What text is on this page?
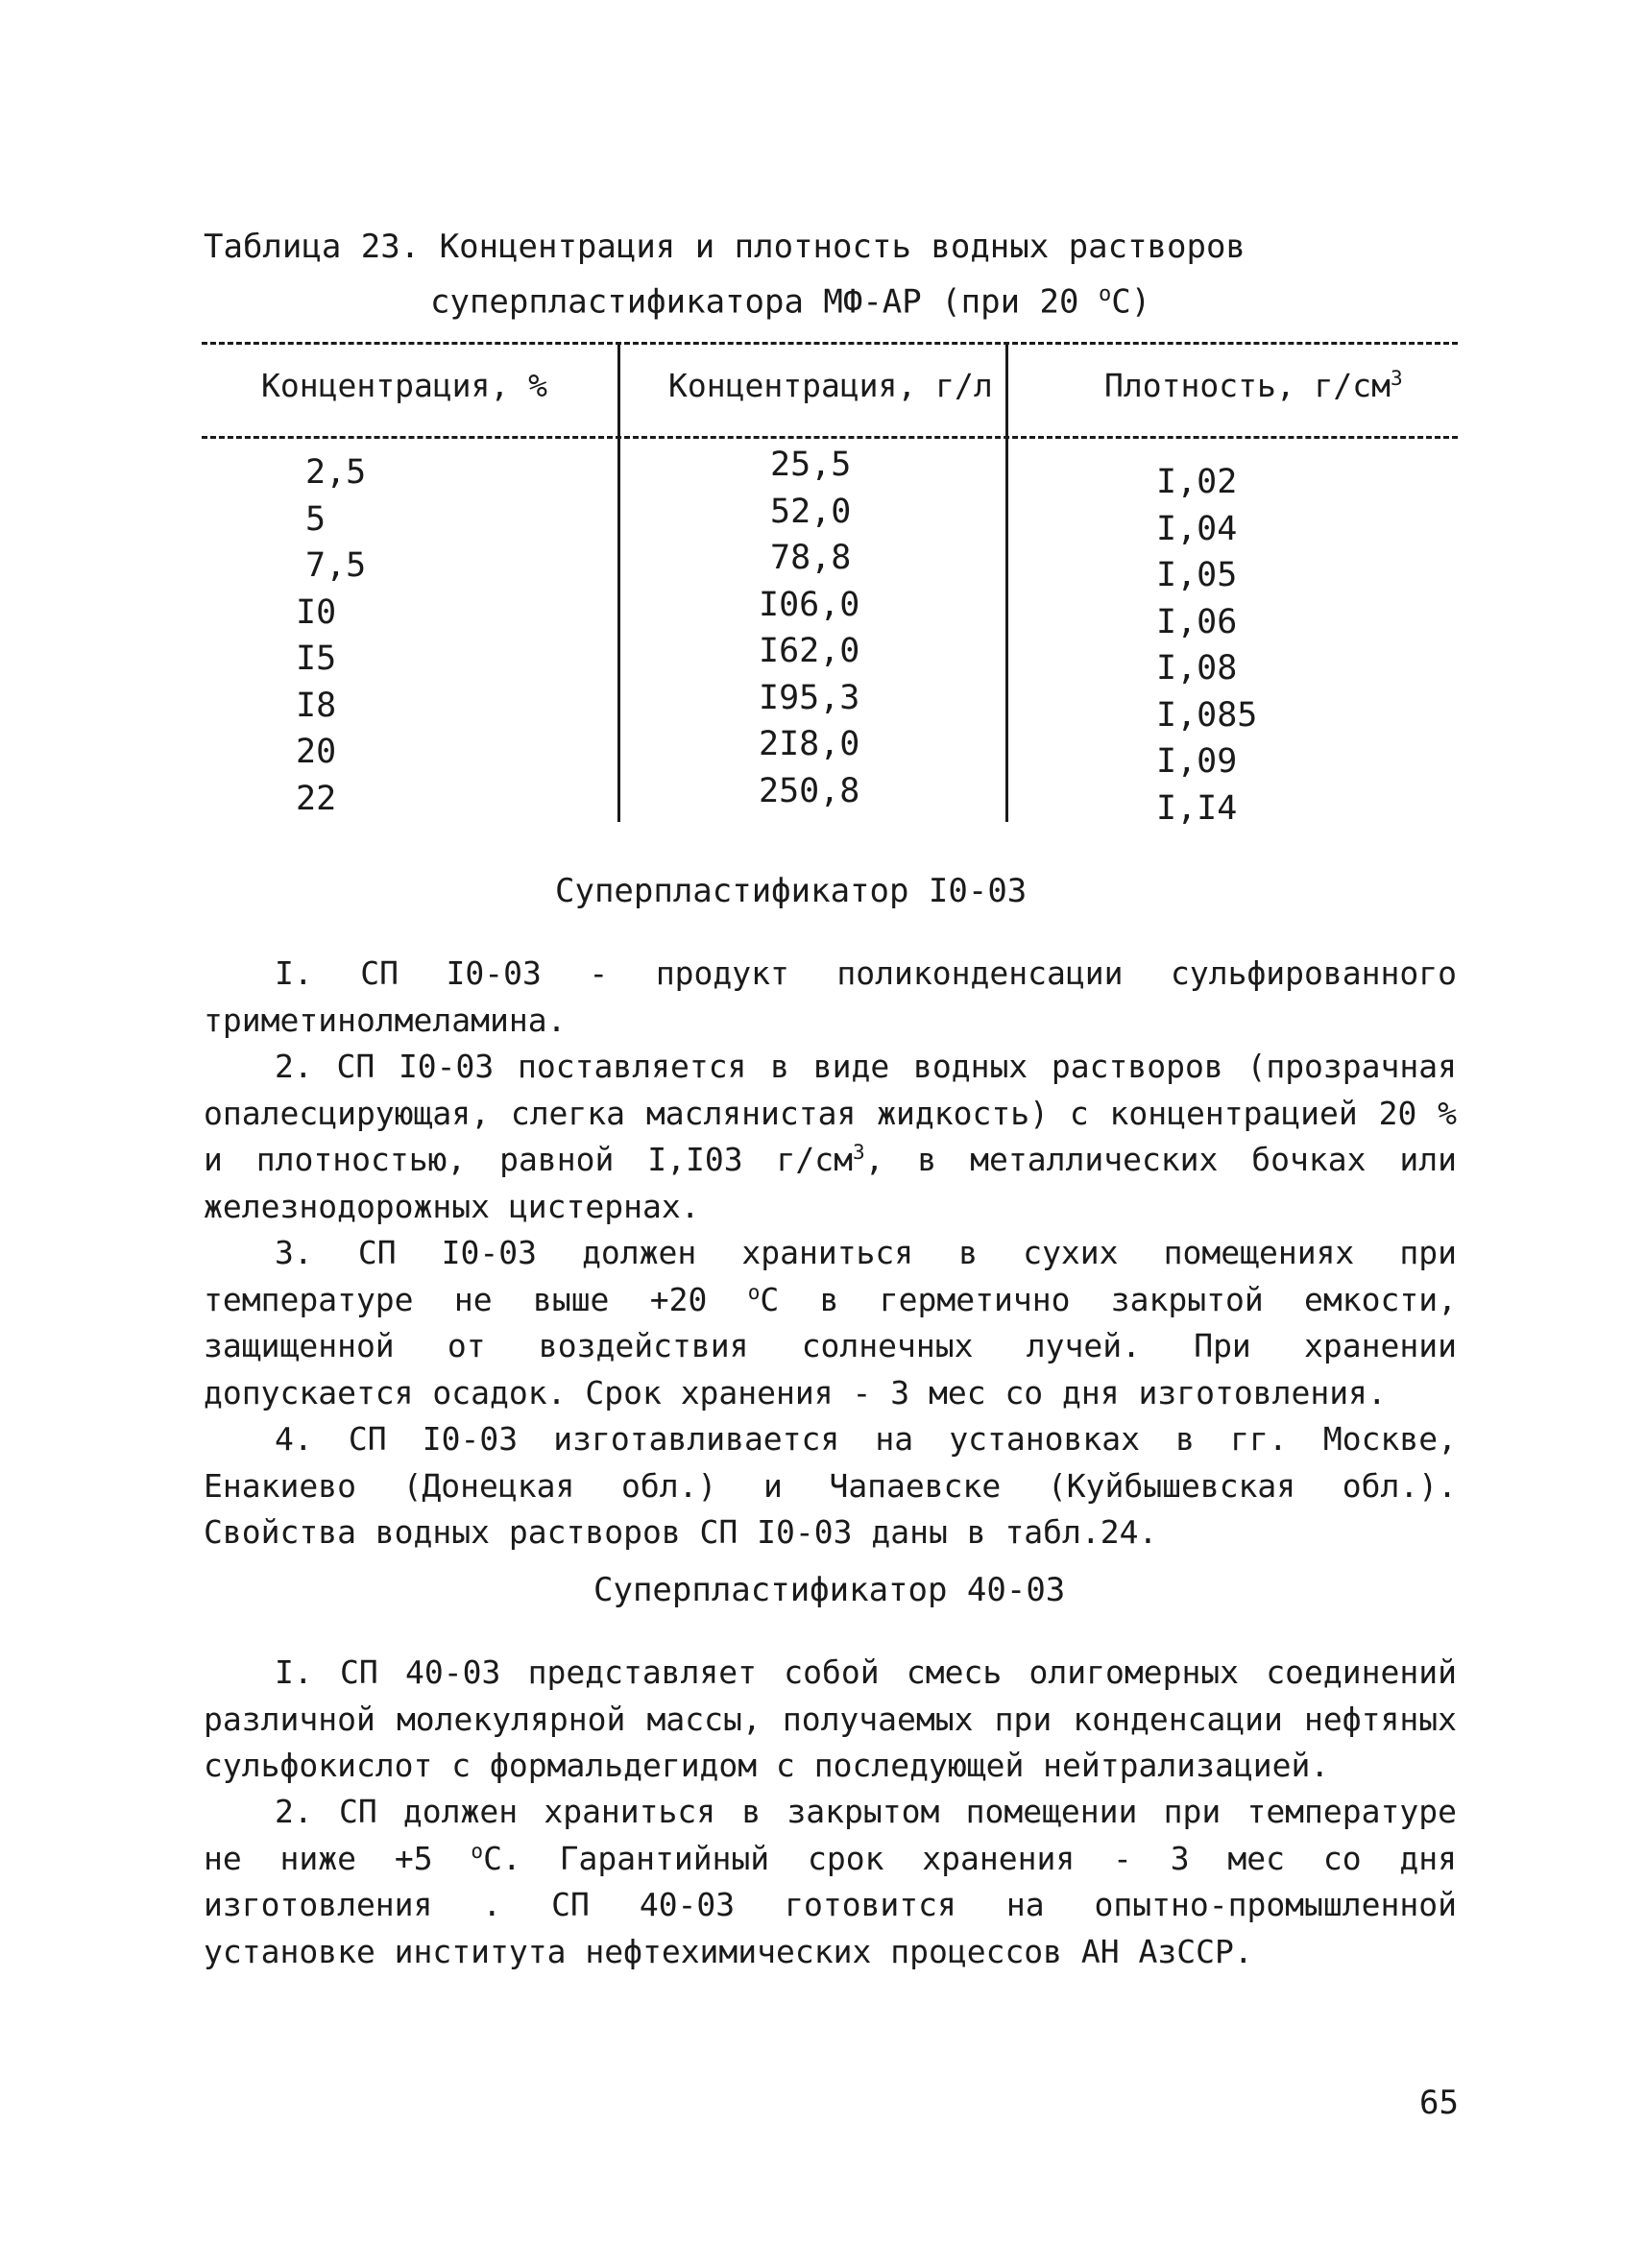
Таблица 23. Концентрация и плотность водных растворов
суперпластификатора МФ-АР (при 20 $^о$С)
Концентрация, %	Концентрация, г/л	Плотность, $г/см^3$
2,5
5
7,5
I0
I5
I8
20
22
25,5
52,0
78,8
I06,0
I62,0
I95,3
2I8,0
250,8
I,02
I,04
I,05
I,06
I,08
I,085
I,09
I,I4
Суперпластификатор I0-03

I. СП I0-03 - продукт поликонденсации сульфированного триметинолмеламина.

2. СП I0-03 поставляется в виде водных растворов (прозрачная опалесцирующая, слегка маслянистая жидкость) с концентрацией 20 % и плотностью, равной I,I03 $г/см^3$, в металлических бочках или железнодорожных цистернах.

3. СП I0-03 должен храниться в сухих помещениях при температуре не выше +20 $^о$С в герметично закрытой емкости, защищенной от воздействия солнечных лучей. При хранении допускается осадок. Срок хранения - 3 мес со дня изготовления.

4. СП I0-03 изготавливается на установках в гг. Москве, Енакиево (Донецкая обл.) и Чапаевске (Куйбышевская обл.). Свойства водных растворов СП I0-03 даны в табл.24.

Суперпластификатор 40-03

I. СП 40-03 представляет собой смесь олигомерных соединений различной молекулярной массы, получаемых при конденсации нефтяных сульфокислот с формальдегидом с последующей нейтрализацией.

2. СП должен храниться в закрытом помещении при температуре не ниже +5 $^о$С. Гарантийный срок хранения - 3 мес со дня изготовления . СП 40-03 готовится на опытно-промышленной установке института нефтехимических процессов АН АзССР.

65
